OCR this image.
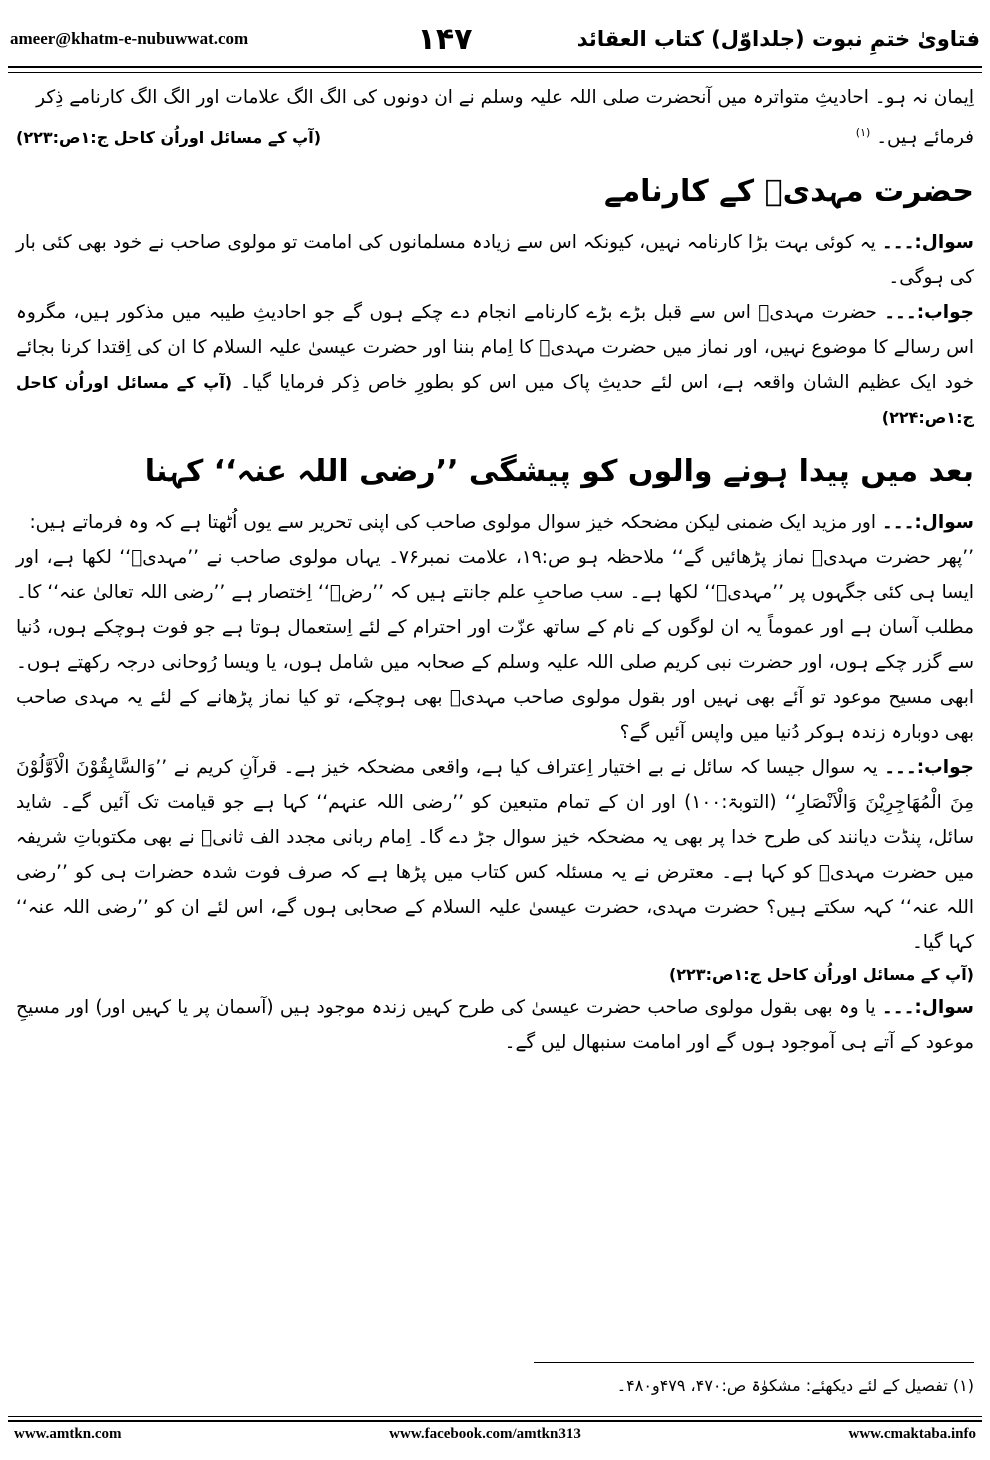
ameer@khatm-e-nubuwwat.com	۱۴۷	فتاویٰ ختمِ نبوت (جلداوّل) کتاب العقائد

اِیمان نہ ہو۔ احادیثِ متواترہ میں آنحضرت صلی اللہ علیہ وسلم نے ان دونوں کی الگ الگ علامات اور الگ الگ کارنامے ذِکر

فرمائے ہیں۔ $^{(۱)}$

(آپ کے مسائل اوراُن کاحل ج:۱ص:۲۲۳)
حضرت مہدیؓ کے کارنامے

سوال:۔۔۔ یہ کوئی بہت بڑا کارنامہ نہیں، کیونکہ اس سے زیادہ مسلمانوں کی امامت تو مولوی صاحب نے خود بھی کئی بار کی ہوگی۔

جواب:۔۔۔ حضرت مہدیؓ اس سے قبل بڑے بڑے کارنامے انجام دے چکے ہوں گے جو احادیثِ طیبہ میں مذکور ہیں، مگروہ اس رسالے کا موضوع نہیں، اور نماز میں حضرت مہدیؓ کا اِمام بننا اور حضرت عیسیٰ علیہ السلام کا ان کی اِقتدا کرنا بجائے خود ایک عظیم الشان واقعہ ہے، اس لئے حدیثِ پاک میں اس کو بطورِ خاص ذِکر فرمایا گیا۔ (آپ کے مسائل اوراُن کاحل ج:۱ص:۲۲۴)

بعد میں پیدا ہونے والوں کو پیشگی ’’رضی اللہ عنہ‘‘ کہنا

سوال:۔۔۔ اور مزید ایک ضمنی لیکن مضحکہ خیز سوال مولوی صاحب کی اپنی تحریر سے یوں اُٹھتا ہے کہ وہ فرماتے ہیں:

’’پھر حضرت مہدیؓ نماز پڑھائیں گے‘‘ ملاحظہ ہو ص:۱۹، علامت نمبر۷۶۔ یہاں مولوی صاحب نے ’’مہدیؓ‘‘ لکھا ہے، اور ایسا ہی کئی جگہوں پر ’’مہدیؓ‘‘ لکھا ہے۔ سب صاحبِ علم جانتے ہیں کہ ’’رضؓ‘‘ اِختصار ہے ’’رضی اللہ تعالیٰ عنہ‘‘ کا۔ مطلب آسان ہے اور عموماً یہ ان لوگوں کے نام کے ساتھ عزّت اور احترام کے لئے اِستعمال ہوتا ہے جو فوت ہوچکے ہوں، دُنیا سے گزر چکے ہوں، اور حضرت نبی کریم صلی اللہ علیہ وسلم کے صحابہ میں شامل ہوں، یا ویسا رُوحانی درجہ رکھتے ہوں۔ ابھی مسیح موعود تو آئے بھی نہیں اور بقول مولوی صاحب مہدیؓ بھی ہوچکے، تو کیا نماز پڑھانے کے لئے یہ مہدی صاحب بھی دوبارہ زندہ ہوکر دُنیا میں واپس آئیں گے؟

جواب:۔۔۔ یہ سوال جیسا کہ سائل نے بے اختیار اِعتراف کیا ہے، واقعی مضحکہ خیز ہے۔ قرآنِ کریم نے ’’وَالسَّابِقُوْنَ الْاَوَّلُوْنَ مِنَ الْمُهَاجِرِیْنَ وَالْاَنْصَارِ‘‘ (التوبۃ:۱۰۰) اور ان کے تمام متبعین کو ’’رضی اللہ عنہم‘‘ کہا ہے جو قیامت تک آئیں گے۔ شاید سائل، پنڈت دیانند کی طرح خدا پر بھی یہ مضحکہ خیز سوال جڑ دے گا۔ اِمام ربانی مجدد الف ثانیؒ نے بھی مکتوباتِ شریفہ میں حضرت مہدیؓ کو کہا ہے۔ معترض نے یہ مسئلہ کس کتاب میں پڑھا ہے کہ صرف فوت شدہ حضرات ہی کو ’’رضی اللہ عنہ‘‘ کہہ سکتے ہیں؟ حضرت مہدی، حضرت عیسیٰ علیہ السلام کے صحابی ہوں گے، اس لئے ان کو ’’رضی اللہ عنہ‘‘ کہا گیا۔

(آپ کے مسائل اوراُن کاحل ج:۱ص:۲۲۳)

سوال:۔۔۔ یا وہ بھی بقول مولوی صاحب حضرت عیسیٰ کی طرح کہیں زندہ موجود ہیں (آسمان پر یا کہیں اور) اور مسیحِ موعود کے آتے ہی آموجود ہوں گے اور امامت سنبھال لیں گے۔

(۱) تفصیل کے لئے دیکھئے: مشکوٰۃ ص:۴۷۰، ۴۷۹و۴۸۰۔
www.amtkn.com	www.facebook.com/amtkn313	www.cmaktaba.info
